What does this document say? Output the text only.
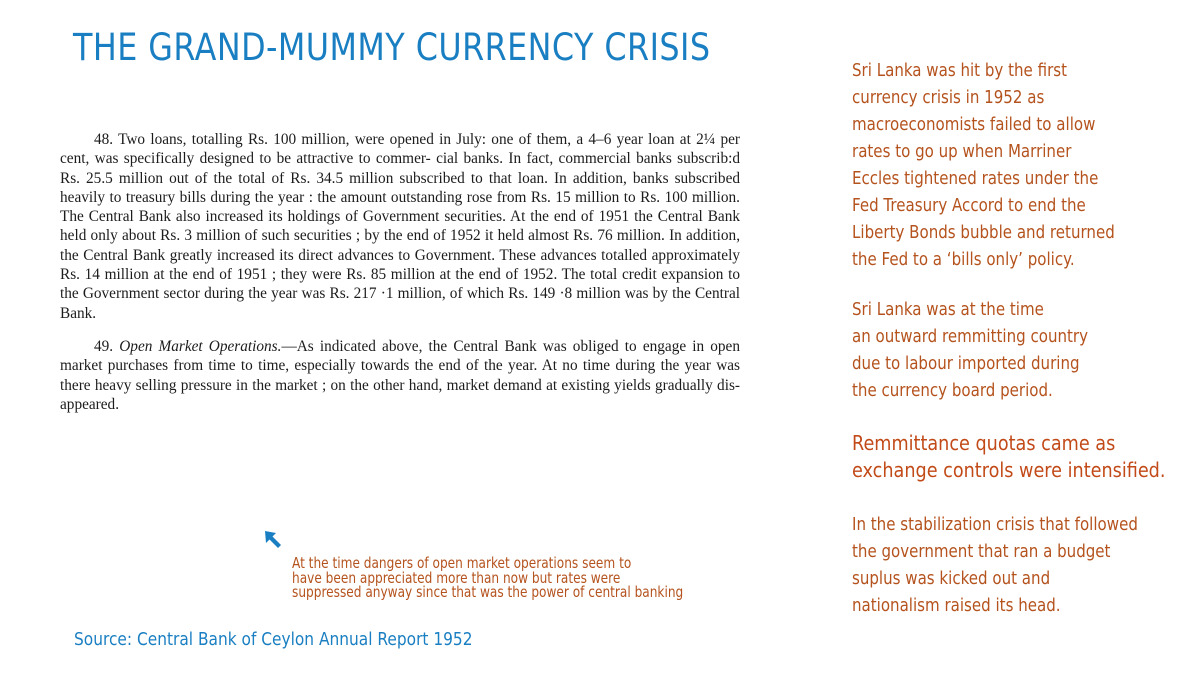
THE GRAND-MUMMY CURRENCY CRISIS

48. Two loans, totalling Rs. 100 million, were opened in July: one of them, a 4–6 year loan at 2¼ per cent, was specifically designed to be attractive to commer- cial banks. In fact, commercial banks subscrib:d Rs. 25.5 million out of the total of Rs. 34.5 million subscribed to that loan. In addition, banks subscribed heavily to treasury bills during the year : the amount outstanding rose from Rs. 15 million to Rs. 100 million. The Central Bank also increased its holdings of Government securities. At the end of 1951 the Central Bank held only about Rs. 3 million of such securities ; by the end of 1952 it held almost Rs. 76 million. In addition, the Central Bank greatly increased its direct advances to Government. These advances totalled approximately Rs. 14 million at the end of 1951 ; they were Rs. 85 million at the end of 1952. The total credit expansion to the Government sector during the year was Rs. 217 ·1 million, of which Rs. 149 ·8 million was by the Central Bank.

49. Open Market Operations.—As indicated above, the Central Bank was obliged to engage in open market purchases from time to time, especially towards the end of the year. At no time during the year was there heavy selling pressure in the market ; on the other hand, market demand at existing yields gradually dis- appeared.

At the time dangers of open market operations seem to
have been appreciated more than now but rates were
suppressed anyway since that was the power of central banking
Source: Central Bank of Ceylon Annual Report 1952
Sri Lanka was hit by the first
currency crisis in 1952 as
macroeconomists failed to allow
rates to go up when Marriner
Eccles tightened rates under the
Fed Treasury Accord to end the
Liberty Bonds bubble and returned
the Fed to a ‘bills only’ policy.
Sri Lanka was at the time
an outward remmitting country
due to labour imported during
the currency board period.
Remmittance quotas came as
exchange controls were intensified.
In the stabilization crisis that followed
the government that ran a budget
suplus was kicked out and
nationalism raised its head.
